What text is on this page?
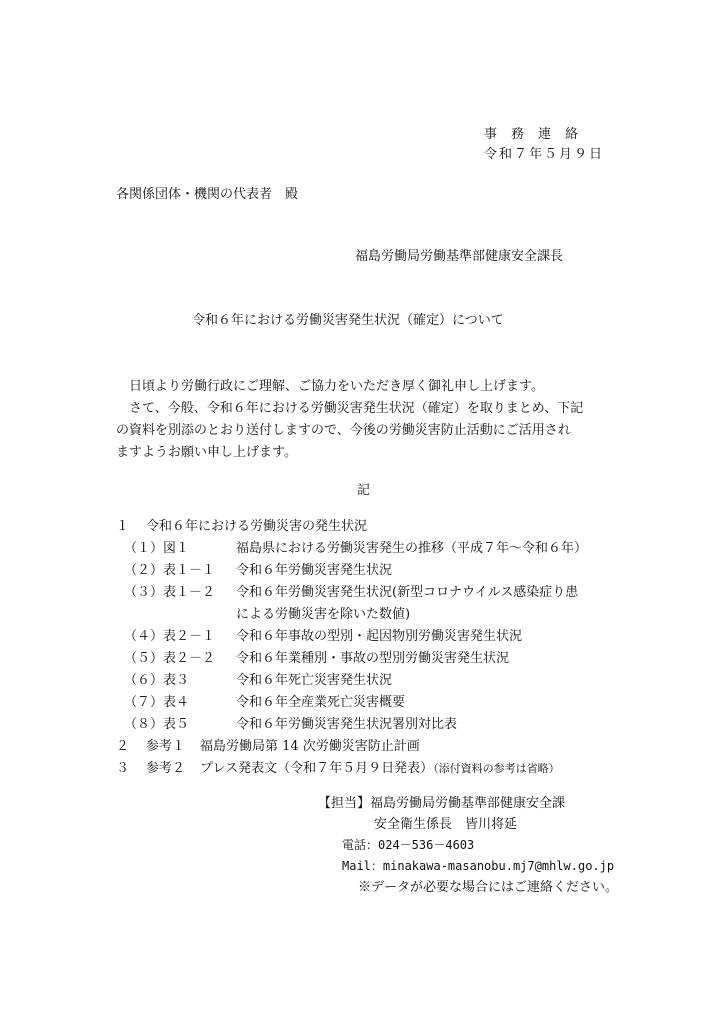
事務連絡
令和７年５月９日
各関係団体・機関の代表者　殿
福島労働局労働基準部健康安全課長
令和６年における労働災害発生状況（確定）について

　日頃より労働行政にご理解、ご協力をいただき厚く御礼申し上げます。

　さて、今般、令和６年における労働災害発生状況（確定）を取りまとめ、下記

の資料を別添のとおり送付しますので、今後の労働災害防止活動にご活用され

ますようお願い申し上げます。

記
１ 令和６年における労働災害の発生状況
（１）図１	福島県における労働災害発生の推移（平成７年～令和６年）
（２）表１－１ 令和６年労働災害発生状況
（３）表１－２ 令和６年労働災害発生状況(新型コロナウイルス感染症り患
による労働災害を除いた数値)
（４）表２－１ 令和６年事故の型別・起因物別労働災害発生状況
（５）表２－２ 令和６年業種別・事故の型別労働災害発生状況
（６）表３	令和６年死亡災害発生状況
（７）表４	令和６年全産業死亡災害概要
（８）表５	令和６年労働災害発生状況署別対比表
２ 参考１ 福島労働局第 14 次労働災害防止計画
３ 参考２ プレス発表文（令和７年５月９日発表）（添付資料の参考は省略）
【担当】福島労働局労働基準部健康安全課
安全衛生係長　皆川将延
電話：024－536－4603
Mail：minakawa-masanobu.mj7@mhlw.go.jp
※データが必要な場合にはご連絡ください。
